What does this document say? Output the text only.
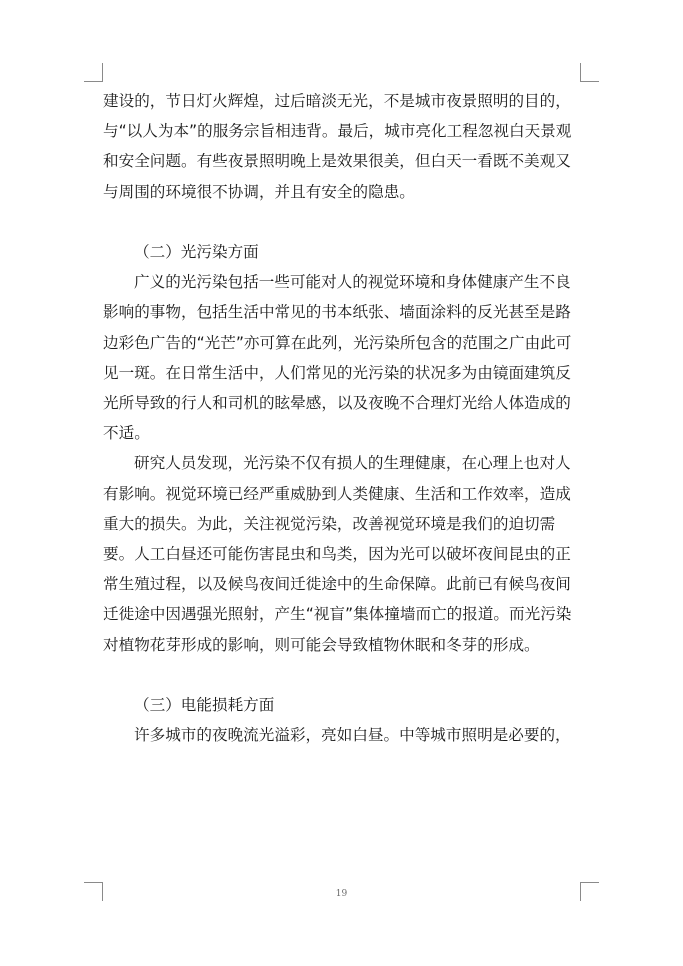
建设的，节日灯火辉煌，过后暗淡无光，不是城市夜景照明的目的，与“以人为本”的服务宗旨相违背。最后，城市亮化工程忽视白天景观和安全问题。有些夜景照明晚上是效果很美，但白天一看既不美观又与周围的环境很不协调，并且有安全的隐患。

（二）光污染方面

广义的光污染包括一些可能对人的视觉环境和身体健康产生不良影响的事物，包括生活中常见的书本纸张、墙面涂料的反光甚至是路边彩色广告的“光芒”亦可算在此列，光污染所包含的范围之广由此可见一斑。在日常生活中，人们常见的光污染的状况多为由镜面建筑反光所导致的行人和司机的眩晕感，以及夜晚不合理灯光给人体造成的不适。

研究人员发现，光污染不仅有损人的生理健康，在心理上也对人有影响。视觉环境已经严重威胁到人类健康、生活和工作效率，造成重大的损失。为此，关注视觉污染，改善视觉环境是我们的迫切需要。人工白昼还可能伤害昆虫和鸟类，因为光可以破坏夜间昆虫的正常生殖过程，以及候鸟夜间迁徙途中的生命保障。此前已有候鸟夜间迁徙途中因遇强光照射，产生“视盲”集体撞墙而亡的报道。而光污染对植物花芽形成的影响，则可能会导致植物休眠和冬芽的形成。

（三）电能损耗方面

许多城市的夜晚流光溢彩，亮如白昼。中等城市照明是必要的，

19
